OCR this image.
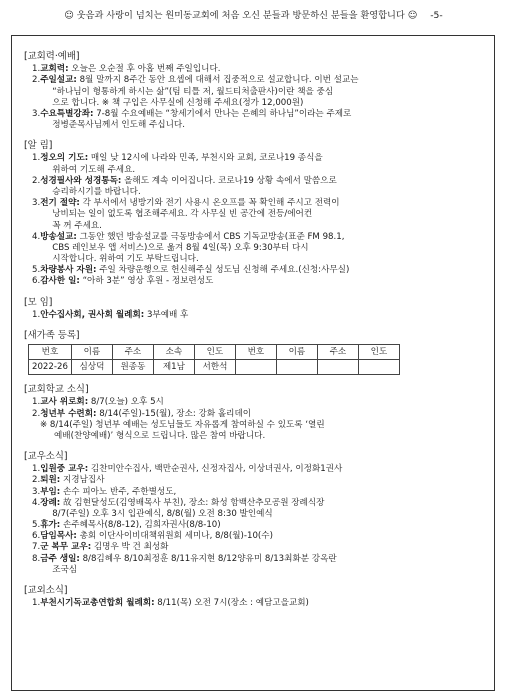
☺ 웃음과 사랑이 넘치는 원미동교회에 처음 오신 분들과 방문하신 분들을 환영합니다 ☺ -5-
[교회력·예배]
1. 교회력: 오늘은 오순절 후 아홉 번째 주일입니다.
2. 주일설교: 8월 말까지 8주간 동안 요셉에 대해서 집중적으로 설교합니다. 이번 설교는
“하나님이 형통하게 하시는 삶”(팀 티틀 저, 월드티처출판사)이란 책을 중심
으로 합니다. ※ 책 구입은 사무실에 신청해 주세요(정가 12,000원)
3. 수요특별강좌: 7-8월 수요예배는 “창세기에서 만나는 은혜의 하나님”이라는 주제로
정병준목사님께서 인도해 주십니다.
[알 림]
1. 정오의 기도: 매일 낮 12시에 나라와 민족, 부천시와 교회, 코로나19 종식을
위하여 기도해 주세요.
2. 성경필사와 성경통독: 올해도 계속 이어집니다. 코로나19 상황 속에서 말씀으로
승리하시기를 바랍니다.
3. 전기 절약: 각 부서에서 냉방기와 전기 사용시 온오프를 꼭 확인해 주시고 전력이
낭비되는 일이 없도록 협조해주세요. 각 사무실 빈 공간에 전등/에어컨
꼭 꺼 주세요.
4. 방송설교: 그동안 했던 방송설교를 극동방송에서 CBS 기독교방송(표준 FM 98.1,
CBS 레인보우 앱 서비스)으로 옮겨 8월 4일(목) 오후 9:30부터 다시
시작합니다. 위하여 기도 부탁드립니다.
5. 차량봉사 자원: 주일 차량운행으로 헌신해주실 성도님 신청해 주세요.(신청:사무실)
6. 감사한 일: “아하 3분” 영상 후원 - 정보련성도
[모 임]
1. 안수집사회, 권사회 월례회: 3부예배 후
[새가족 등록]
번호	이름	주소	소속	인도	번호	이름	주소	인도
2022-26	심상덕	원종동	제1남	서한석				
[교회학교 소식]
1. 교사 위로회: 8/7(오늘) 오후 5시
2. 청년부 수련회: 8/14(주일)-15(월), 장소: 강화 홀리데이
※ 8/14(주일) 청년부 예배는 성도님들도 자유롭게 참여하실 수 있도록 ‘열린
예배(찬양예배)’ 형식으로 드립니다. 많은 참여 바랍니다.
[교우소식]
1. 입원중 교우: 김찬미안수집사, 백만순권사, 신정자집사, 이상녀권사, 이정화1권사
2. 퇴원: 지경남집사
3. 부임: 손수 피아노 반주, 주한별성도,
4. 장례: 故 김현달성도(김영배목사 부친), 장소: 화성 함백산추모공원 장례식장
8/7(주일) 오후 3시 입관예식, 8/8(월) 오전 8:30 발인예식
5. 휴가: 손주혜목사(8/8-12), 김희자권사(8/8-10)
6. 담임목사: 총회 이단사이비대책위원회 세미나, 8/8(월)-10(수)
7. 군 복무 교우: 김명우 박 건 최성화
8. 금주 생일: 8/8김혜우 8/10최정훈 8/11유지현 8/12양유미 8/13최화분 강옥란
조국심
[교외소식]
1. 부천시기독교총연합회 월례회: 8/11(목) 오전 7시(장소 : 예담고을교회)
